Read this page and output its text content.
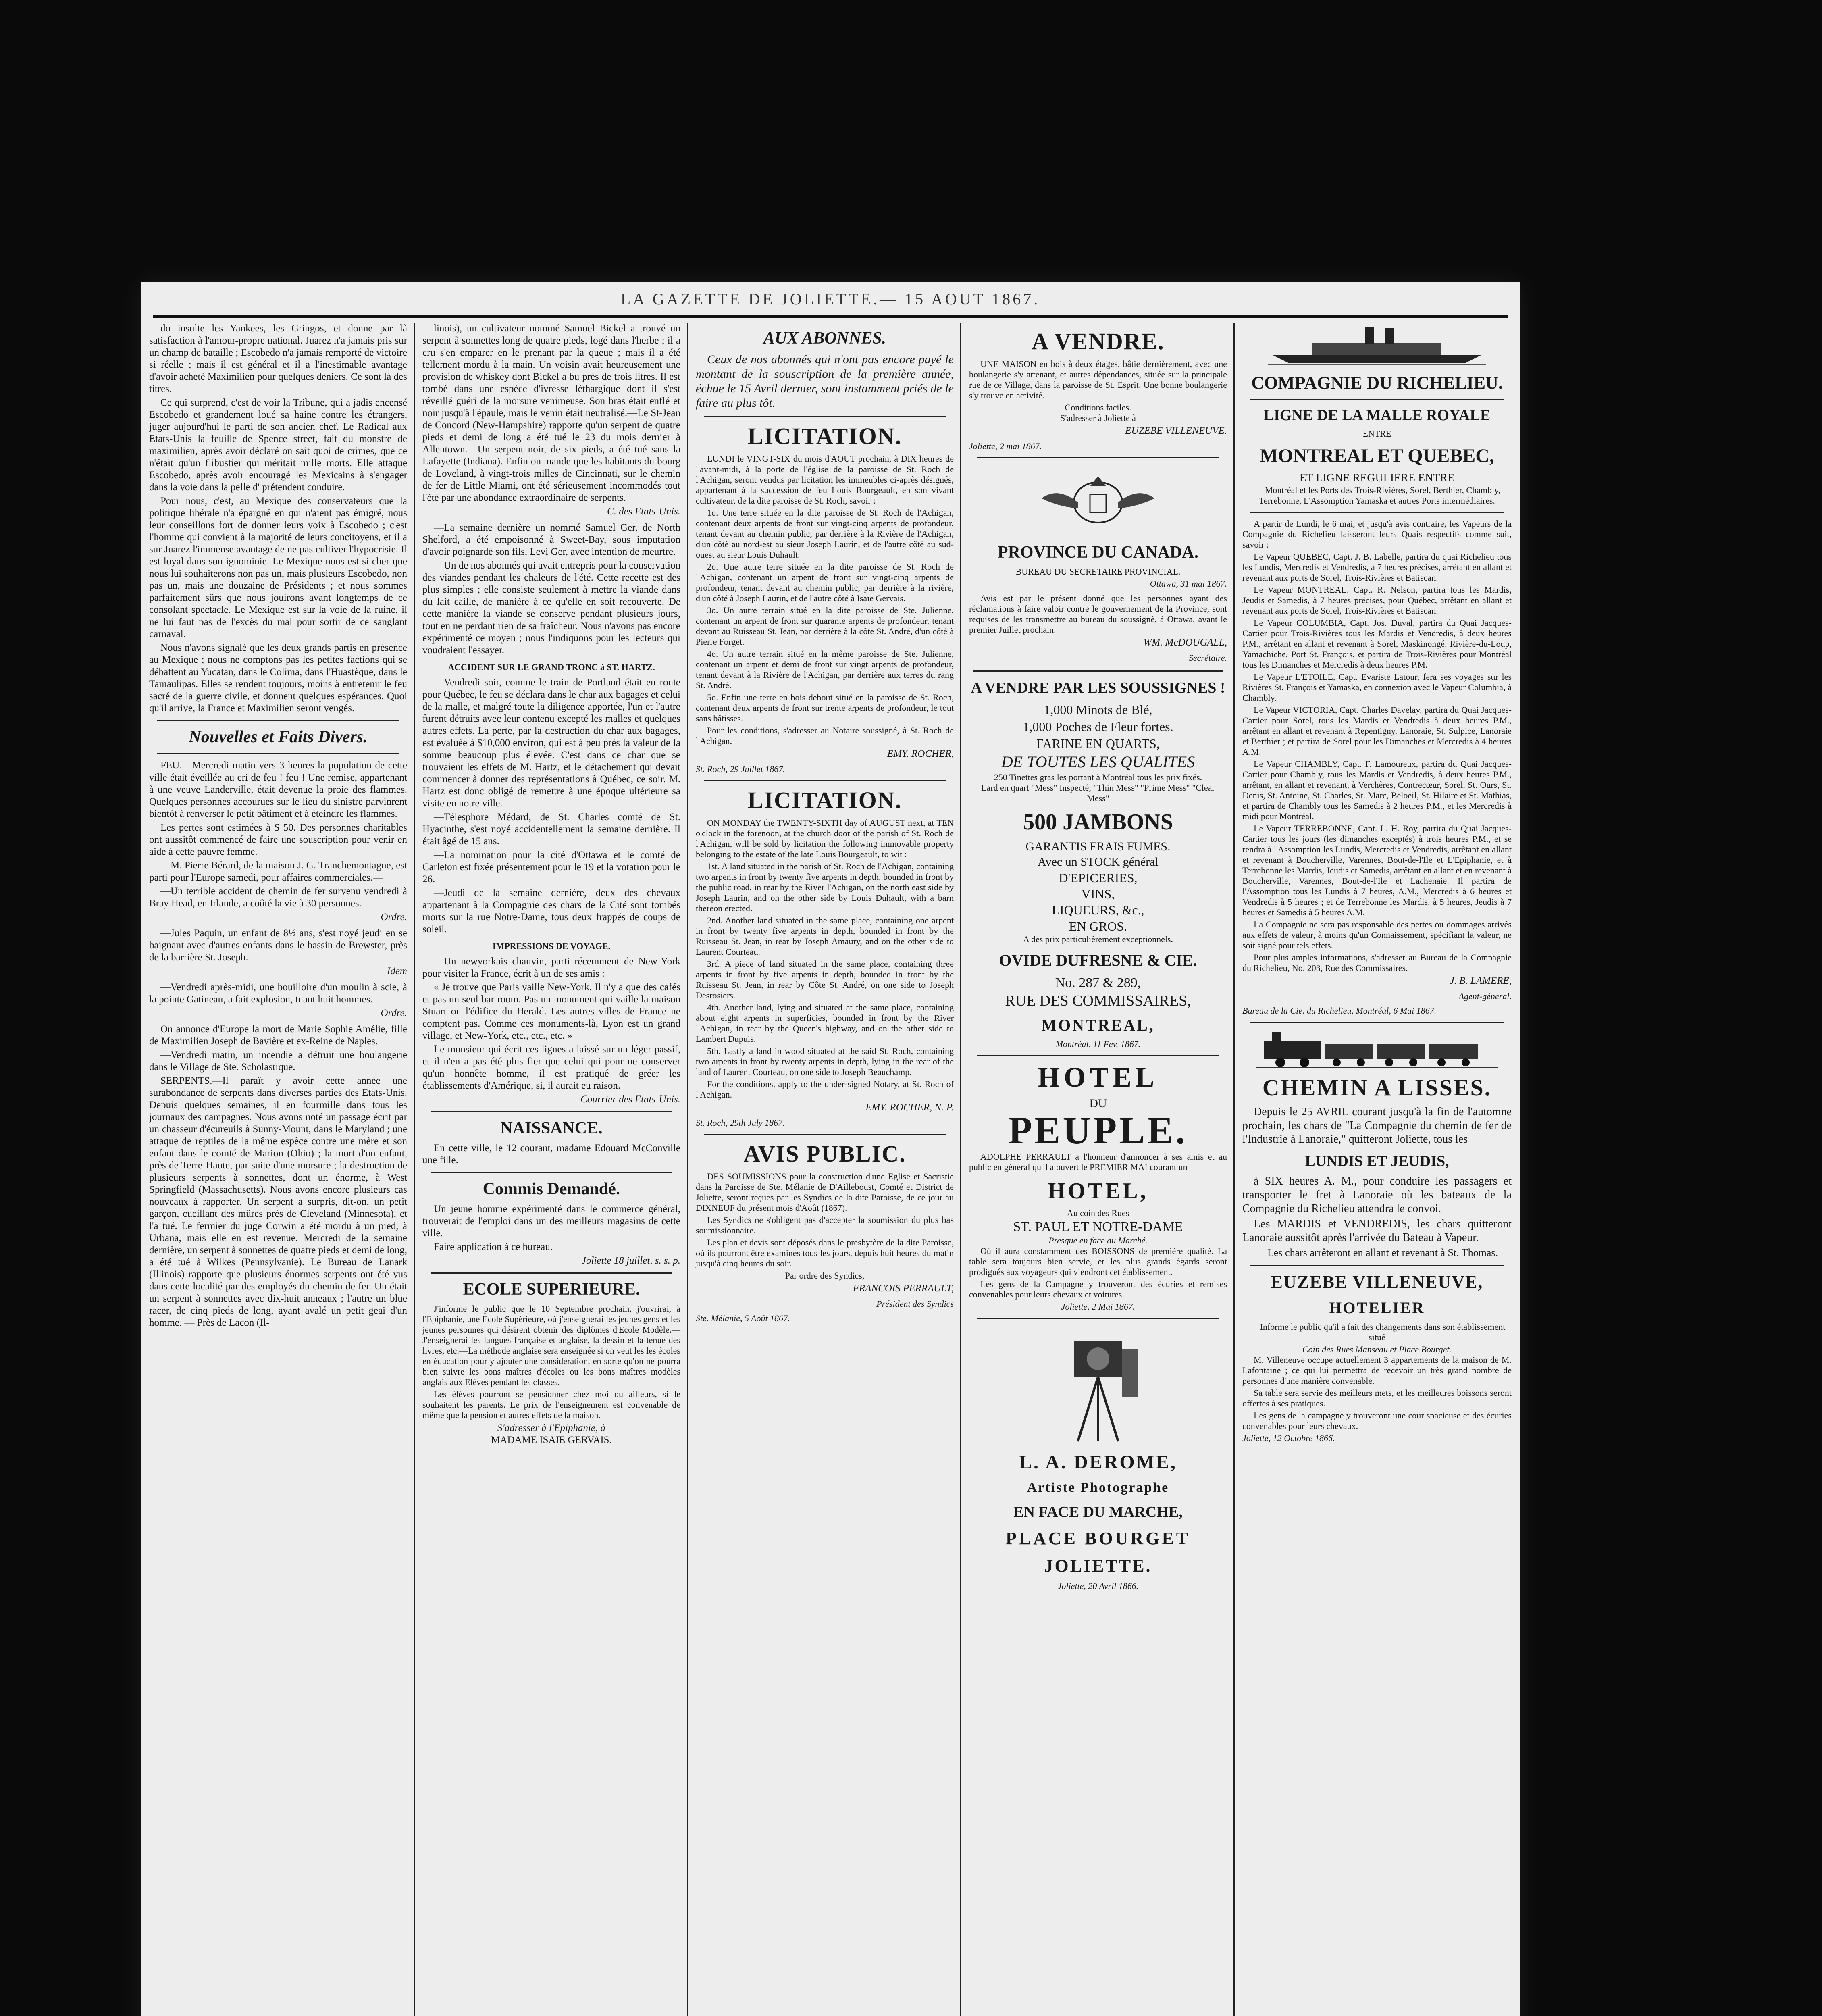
LA GAZETTE DE JOLIETTE.— 15 AOUT 1867.

do insulte les Yankees, les Gringos, et donne par là satisfaction à l'amour-propre national. Juarez n'a jamais pris sur un champ de bataille ; Escobedo n'a jamais remporté de victoire si réelle ; mais il est général et il a l'inestimable avantage d'avoir acheté Maximilien pour quelques deniers. Ce sont là des titres.

Ce qui surprend, c'est de voir la Tribune, qui a jadis encensé Escobedo et grandement loué sa haine contre les étrangers, juger aujourd'hui le parti de son ancien chef. Le Radical aux Etats-Unis la feuille de Spence street, fait du monstre de maximilien, après avoir déclaré on sait quoi de crimes, que ce n'était qu'un flibustier qui méritait mille morts. Elle attaque Escobedo, après avoir encouragé les Mexicains à s'engager dans la voie dans la pelle d' prétendent conduire.

Pour nous, c'est, au Mexique des conservateurs que la politique libérale n'a épargné en qui n'aient pas émigré, nous leur conseillons fort de donner leurs voix à Escobedo ; c'est l'homme qui convient à la majorité de leurs concitoyens, et il a sur Juarez l'immense avantage de ne pas cultiver l'hypocrisie. Il est loyal dans son ignominie. Le Mexique nous est si cher que nous lui souhaiterons non pas un, mais plusieurs Escobedo, non pas un, mais une douzaine de Présidents ; et nous sommes parfaitement sûrs que nous jouirons avant longtemps de ce consolant spectacle. Le Mexique est sur la voie de la ruine, il ne lui faut pas de l'excès du mal pour sortir de ce sanglant carnaval.

Nous n'avons signalé que les deux grands partis en présence au Mexique ; nous ne comptons pas les petites factions qui se débattent au Yucatan, dans le Colima, dans l'Huastèque, dans le Tamaulipas. Elles se rendent toujours, moins à entretenir le feu sacré de la guerre civile, et donnent quelques espérances. Quoi qu'il arrive, la France et Maximilien seront vengés.

Nouvelles et Faits Divers.

FEU.—Mercredi matin vers 3 heures la population de cette ville était éveillée au cri de feu ! feu ! Une remise, appartenant à une veuve Landerville, était devenue la proie des flammes. Quelques personnes accourues sur le lieu du sinistre parvinrent bientôt à renverser le petit bâtiment et à éteindre les flammes.

Les pertes sont estimées à $ 50. Des personnes charitables ont aussitôt commencé de faire une souscription pour venir en aide à cette pauvre femme.

—M. Pierre Bérard, de la maison J. G. Tranchemontagne, est parti pour l'Europe samedi, pour affaires commerciales.—

—Un terrible accident de chemin de fer survenu vendredi à Bray Head, en Irlande, a coûté la vie à 30 personnes.

Ordre.

—Jules Paquin, un enfant de 8½ ans, s'est noyé jeudi en se baignant avec d'autres enfants dans le bassin de Brewster, près de la barrière St. Joseph.

Idem

—Vendredi après-midi, une bouilloire d'un moulin à scie, à la pointe Gatineau, a fait explosion, tuant huit hommes.

Ordre.

On annonce d'Europe la mort de Marie Sophie Amélie, fille de Maximilien Joseph de Bavière et ex-Reine de Naples.

—Vendredi matin, un incendie a détruit une boulangerie dans le Village de Ste. Scholastique.

SERPENTS.—Il paraît y avoir cette année une surabondance de serpents dans diverses parties des Etats-Unis. Depuis quelques semaines, il en fourmille dans tous les journaux des campagnes. Nous avons noté un passage écrit par un chasseur d'écureuils à Sunny-Mount, dans le Maryland ; une attaque de reptiles de la même espèce contre une mère et son enfant dans le comté de Marion (Ohio) ; la mort d'un enfant, près de Terre-Haute, par suite d'une morsure ; la destruction de plusieurs serpents à sonnettes, dont un énorme, à West Springfield (Massachusetts). Nous avons encore plusieurs cas nouveaux à rapporter. Un serpent a surpris, dit-on, un petit garçon, cueillant des mûres près de Cleveland (Minnesota), et l'a tué. Le fermier du juge Corwin a été mordu à un pied, à Urbana, mais elle en est revenue. Mercredi de la semaine dernière, un serpent à sonnettes de quatre pieds et demi de long, a été tué à Wilkes (Pennsylvanie). Le Bureau de Lanark (Illinois) rapporte que plusieurs énormes serpents ont été vus dans cette localité par des employés du chemin de fer. Un était un serpent à sonnettes avec dix-huit anneaux ; l'autre un blue racer, de cinq pieds de long, ayant avalé un petit geai d'un homme. — Près de Lacon (Il-

linois), un cultivateur nommé Samuel Bickel a trouvé un serpent à sonnettes long de quatre pieds, logé dans l'herbe ; il a cru s'en emparer en le prenant par la queue ; mais il a été tellement mordu à la main. Un voisin avait heureusement une provision de whiskey dont Bickel a bu près de trois litres. Il est tombé dans une espèce d'ivresse léthargique dont il s'est réveillé guéri de la morsure venimeuse. Son bras était enflé et noir jusqu'à l'épaule, mais le venin était neutralisé.—Le St-Jean de Concord (New-Hampshire) rapporte qu'un serpent de quatre pieds et demi de long a été tué le 23 du mois dernier à Allentown.—Un serpent noir, de six pieds, a été tué sans la Lafayette (Indiana). Enfin on mande que les habitants du bourg de Loveland, à vingt-trois milles de Cincinnati, sur le chemin de fer de Little Miami, ont été sérieusement incommodés tout l'été par une abondance extraordinaire de serpents.

C. des Etats-Unis.

—La semaine dernière un nommé Samuel Ger, de North Shelford, a été empoisonné à Sweet-Bay, sous imputation d'avoir poignardé son fils, Levi Ger, avec intention de meurtre.

—Un de nos abonnés qui avait entrepris pour la conservation des viandes pendant les chaleurs de l'été. Cette recette est des plus simples ; elle consiste seulement à mettre la viande dans du lait caillé, de manière à ce qu'elle en soit recouverte. De cette manière la viande se conserve pendant plusieurs jours, tout en ne perdant rien de sa fraîcheur. Nous n'avons pas encore expérimenté ce moyen ; nous l'indiquons pour les lecteurs qui voudraient l'essayer.

ACCIDENT SUR LE GRAND TRONC à ST. HARTZ.

—Vendredi soir, comme le train de Portland était en route pour Québec, le feu se déclara dans le char aux bagages et celui de la malle, et malgré toute la diligence apportée, l'un et l'autre furent détruits avec leur contenu excepté les malles et quelques autres effets. La perte, par la destruction du char aux bagages, est évaluée à $10,000 environ, qui est à peu près la valeur de la somme beaucoup plus élevée. C'est dans ce char que se trouvaient les effets de M. Hartz, et le détachement qui devait commencer à donner des représentations à Québec, ce soir. M. Hartz est donc obligé de remettre à une époque ultérieure sa visite en notre ville.

—Télesphore Médard, de St. Charles comté de St. Hyacinthe, s'est noyé accidentellement la semaine dernière. Il était âgé de 15 ans.

—La nomination pour la cité d'Ottawa et le comté de Carleton est fixée présentement pour le 19 et la votation pour le 26.

—Jeudi de la semaine dernière, deux des chevaux appartenant à la Compagnie des chars de la Cité sont tombés morts sur la rue Notre-Dame, tous deux frappés de coups de soleil.

IMPRESSIONS DE VOYAGE.

—Un newyorkais chauvin, parti récemment de New-York pour visiter la France, écrit à un de ses amis :

« Je trouve que Paris vaille New-York. Il n'y a que des cafés et pas un seul bar room. Pas un monument qui vaille la maison Stuart ou l'édifice du Herald. Les autres villes de France ne comptent pas. Comme ces monuments-là, Lyon est un grand village, et New-York, etc., etc., etc. »

Le monsieur qui écrit ces lignes a laissé sur un léger passif, et il n'en a pas été plus fier que celui qui pour ne conserver qu'un honnête homme, il est pratiqué de gréer les établissements d'Amérique, si, il aurait eu raison.

Courrier des Etats-Unis.
NAISSANCE.

En cette ville, le 12 courant, madame Edouard McConville une fille.

Commis Demandé.

Un jeune homme expérimenté dans le commerce général, trouverait de l'emploi dans un des meilleurs magasins de cette ville.

Faire application à ce bureau.

Joliette 18 juillet, s. s. p.
ECOLE SUPERIEURE.

J'informe le public que le 10 Septembre prochain, j'ouvrirai, à l'Epiphanie, une Ecole Supérieure, où j'enseignerai les jeunes gens et les jeunes personnes qui désirent obtenir des diplômes d'Ecole Modèle.—J'enseignerai les langues française et anglaise, la dessin et la tenue des livres, etc.—La méthode anglaise sera enseignée si on veut les les écoles en éducation pour y ajouter une consideration, en sorte qu'on ne pourra bien suivre les bons maîtres d'écoles ou les bons maîtres modèles anglais aux Elèves pendant les classes.

Les élèves pourront se pensionner chez moi ou ailleurs, si le souhaitent les parents. Le prix de l'enseignement est convenable de même que la pension et autres effets de la maison.

S'adresser à l'Epiphanie, à
MADAME ISAIE GERVAIS.
AUX ABONNES.

Ceux de nos abonnés qui n'ont pas encore payé le montant de la souscription de la première année, échue le 15 Avril dernier, sont instamment priés de le faire au plus tôt.

LICITATION.

LUNDI le VINGT-SIX du mois d'AOUT prochain, à DIX heures de l'avant-midi, à la porte de l'église de la paroisse de St. Roch de l'Achigan, seront vendus par licitation les immeubles ci-après désignés, appartenant à la succession de feu Louis Bourgeault, en son vivant cultivateur, de la dite paroisse de St. Roch, savoir :

1o. Une terre située en la dite paroisse de St. Roch de l'Achigan, contenant deux arpents de front sur vingt-cinq arpents de profondeur, tenant devant au chemin public, par derrière à la Rivière de l'Achigan, d'un côté au nord-est au sieur Joseph Laurin, et de l'autre côté au sud-ouest au sieur Louis Duhault.

2o. Une autre terre située en la dite paroisse de St. Roch de l'Achigan, contenant un arpent de front sur vingt-cinq arpents de profondeur, tenant devant au chemin public, par derrière à la rivière, d'un côté à Joseph Laurin, et de l'autre côté à Isaïe Gervais.

3o. Un autre terrain situé en la dite paroisse de Ste. Julienne, contenant un arpent de front sur quarante arpents de profondeur, tenant devant au Ruisseau St. Jean, par derrière à la côte St. André, d'un côté à Pierre Forget.

4o. Un autre terrain situé en la même paroisse de Ste. Julienne, contenant un arpent et demi de front sur vingt arpents de profondeur, tenant devant à la Rivière de l'Achigan, par derrière aux terres du rang St. André.

5o. Enfin une terre en bois debout situé en la paroisse de St. Roch, contenant deux arpents de front sur trente arpents de profondeur, le tout sans bâtisses.

Pour les conditions, s'adresser au Notaire soussigné, à St. Roch de l'Achigan.

EMY. ROCHER,
St. Roch, 29 Juillet 1867.
LICITATION.

ON MONDAY the TWENTY-SIXTH day of AUGUST next, at TEN o'clock in the forenoon, at the church door of the parish of St. Roch de l'Achigan, will be sold by licitation the following immovable property belonging to the estate of the late Louis Bourgeault, to wit :

1st. A land situated in the parish of St. Roch de l'Achigan, containing two arpents in front by twenty five arpents in depth, bounded in front by the public road, in rear by the River l'Achigan, on the north east side by Joseph Laurin, and on the other side by Louis Duhault, with a barn thereon erected.

2nd. Another land situated in the same place, containing one arpent in front by twenty five arpents in depth, bounded in front by the Ruisseau St. Jean, in rear by Joseph Amaury, and on the other side to Laurent Courteau.

3rd. A piece of land situated in the same place, containing three arpents in front by five arpents in depth, bounded in front by the Ruisseau St. Jean, in rear by Côte St. André, on one side to Joseph Desrosiers.

4th. Another land, lying and situated at the same place, containing about eight arpents in superficies, bounded in front by the River l'Achigan, in rear by the Queen's highway, and on the other side to Lambert Dupuis.

5th. Lastly a land in wood situated at the said St. Roch, containing two arpents in front by twenty arpents in depth, lying in the rear of the land of Laurent Courteau, on one side to Joseph Beauchamp.

For the conditions, apply to the under-signed Notary, at St. Roch of l'Achigan.

EMY. ROCHER, N. P.
St. Roch, 29th July 1867.
AVIS PUBLIC.

DES SOUMISSIONS pour la construction d'une Eglise et Sacristie dans la Paroisse de Ste. Mélanie de D'Ailleboust, Comté et District de Joliette, seront reçues par les Syndics de la dite Paroisse, de ce jour au DIXNEUF du présent mois d'Août (1867).

Les Syndics ne s'obligent pas d'accepter la soumission du plus bas soumissionnaire.

Les plan et devis sont déposés dans le presbytère de la dite Paroisse, où ils pourront être examinés tous les jours, depuis huit heures du matin jusqu'à cinq heures du soir.

Par ordre des Syndics,
FRANCOIS PERRAULT,
Président des Syndics
Ste. Mélanie, 5 Août 1867.
A VENDRE.

UNE MAISON en bois à deux étages, bâtie dernièrement, avec une boulangerie s'y attenant, et autres dépendances, située sur la principale rue de ce Village, dans la paroisse de St. Esprit. Une bonne boulangerie s'y trouve en activité.

Conditions faciles.
S'adresser à Joliette à
EUZEBE VILLENEUVE.
Joliette, 2 mai 1867.
PROVINCE DU CANADA.
BUREAU DU SECRETAIRE PROVINCIAL.
Ottawa, 31 mai 1867.

Avis est par le présent donné que les personnes ayant des réclamations à faire valoir contre le gouvernement de la Province, sont requises de les transmettre au bureau du soussigné, à Ottawa, avant le premier Juillet prochain.

WM. McDOUGALL,
Secrétaire.
A VENDRE PAR LES SOUSSIGNES !
1,000 Minots de Blé,
1,000 Poches de Fleur fortes.
FARINE EN QUARTS,
DE TOUTES LES QUALITES
250 Tinettes gras les portant à Montréal tous les prix fixés.
Lard en quart "Mess" Inspecté, "Thin Mess" "Prime Mess" "Clear Mess"
500 JAMBONS
GARANTIS FRAIS FUMES.
Avec un STOCK général
D'EPICERIES,
VINS,
LIQUEURS, &c.,
EN GROS.
A des prix particulièrement exceptionnels.
OVIDE DUFRESNE & CIE.
No. 287 & 289,
RUE DES COMMISSAIRES,
MONTREAL,
Montréal, 11 Fev. 1867.
HOTEL
DU
PEUPLE.

ADOLPHE PERRAULT a l'honneur d'annoncer à ses amis et au public en général qu'il a ouvert le PREMIER MAI courant un

HOTEL,
Au coin des Rues
ST. PAUL ET NOTRE-DAME
Presque en face du Marché.

Où il aura constamment des BOISSONS de première qualité. La table sera toujours bien servie, et les plus grands égards seront prodigués aux voyageurs qui viendront cet établissement.

Les gens de la Campagne y trouveront des écuries et remises convenables pour leurs chevaux et voitures.

Joliette, 2 Mai 1867.
L. A. DEROME,
Artiste Photographe
EN FACE DU MARCHE,
PLACE BOURGET
JOLIETTE.
Joliette, 20 Avril 1866.
COMPAGNIE DU RICHELIEU.
LIGNE DE LA MALLE ROYALE
ENTRE
MONTREAL ET QUEBEC,
ET LIGNE REGULIERE ENTRE

Montréal et les Ports des Trois-Rivières, Sorel, Berthier, Chambly, Terrebonne, L'Assomption Yamaska et autres Ports intermédiaires.

A partir de Lundi, le 6 mai, et jusqu'à avis contraire, les Vapeurs de la Compagnie du Richelieu laisseront leurs Quais respectifs comme suit, savoir :

Le Vapeur QUEBEC, Capt. J. B. Labelle, partira du quai Richelieu tous les Lundis, Mercredis et Vendredis, à 7 heures précises, arrêtant en allant et revenant aux ports de Sorel, Trois-Rivières et Batiscan.

Le Vapeur MONTREAL, Capt. R. Nelson, partira tous les Mardis, Jeudis et Samedis, à 7 heures précises, pour Québec, arrêtant en allant et revenant aux ports de Sorel, Trois-Rivières et Batiscan.

Le Vapeur COLUMBIA, Capt. Jos. Duval, partira du Quai Jacques-Cartier pour Trois-Rivières tous les Mardis et Vendredis, à deux heures P.M., arrêtant en allant et revenant à Sorel, Maskinongé, Rivière-du-Loup, Yamachiche, Port St. François, et partira de Trois-Rivières pour Montréal tous les Dimanches et Mercredis à deux heures P.M.

Le Vapeur L'ETOILE, Capt. Evariste Latour, fera ses voyages sur les Rivières St. François et Yamaska, en connexion avec le Vapeur Columbia, à Chambly.

Le Vapeur VICTORIA, Capt. Charles Davelay, partira du Quai Jacques-Cartier pour Sorel, tous les Mardis et Vendredis à deux heures P.M., arrêtant en allant et revenant à Repentigny, Lanoraie, St. Sulpice, Lanoraie et Berthier ; et partira de Sorel pour les Dimanches et Mercredis à 4 heures A.M.

Le Vapeur CHAMBLY, Capt. F. Lamoureux, partira du Quai Jacques-Cartier pour Chambly, tous les Mardis et Vendredis, à deux heures P.M., arrêtant, en allant et revenant, à Verchères, Contrecœur, Sorel, St. Ours, St. Denis, St. Antoine, St. Charles, St. Marc, Beloeil, St. Hilaire et St. Mathias, et partira de Chambly tous les Samedis à 2 heures P.M., et les Mercredis à midi pour Montréal.

Le Vapeur TERREBONNE, Capt. L. H. Roy, partira du Quai Jacques-Cartier tous les jours (les dimanches exceptés) à trois heures P.M., et se rendra à l'Assomption les Lundis, Mercredis et Vendredis, arrêtant en allant et revenant à Boucherville, Varennes, Bout-de-l'Ile et L'Epiphanie, et à Terrebonne les Mardis, Jeudis et Samedis, arrêtant en allant et en revenant à Boucherville, Varennes, Bout-de-l'Ile et Lachenaie. Il partira de l'Assomption tous les Lundis à 7 heures, A.M., Mercredis à 6 heures et Vendredis à 5 heures ; et de Terrebonne les Mardis, à 5 heures, Jeudis à 7 heures et Samedis à 5 heures A.M.

La Compagnie ne sera pas responsable des pertes ou dommages arrivés aux effets de valeur, à moins qu'un Connaissement, spécifiant la valeur, ne soit signé pour tels effets.

Pour plus amples informations, s'adresser au Bureau de la Compagnie du Richelieu, No. 203, Rue des Commissaires.

J. B. LAMERE,
Agent-général.
Bureau de la Cie. du Richelieu, Montréal, 6 Mai 1867.
CHEMIN A LISSES.

Depuis le 25 AVRIL courant jusqu'à la fin de l'automne prochain, les chars de "La Compagnie du chemin de fer de l'Industrie à Lanoraie," quitteront Joliette, tous les

LUNDIS ET JEUDIS,

à SIX heures A. M., pour conduire les passagers et transporter le fret à Lanoraie où les bateaux de la Compagnie du Richelieu attendra le convoi.

Les MARDIS et VENDREDIS, les chars quitteront Lanoraie aussitôt après l'arrivée du Bateau à Vapeur.

Les chars arrêteront en allant et revenant à St. Thomas.

EUZEBE VILLENEUVE,
HOTELIER

Informe le public qu'il a fait des changements dans son établissement situé

Coin des Rues Manseau et Place Bourget.

M. Villeneuve occupe actuellement 3 appartements de la maison de M. Lafontaine ; ce qui lui permettra de recevoir un très grand nombre de personnes d'une manière convenable.

Sa table sera servie des meilleurs mets, et les meilleures boissons seront offertes à ses pratiques.

Les gens de la campagne y trouveront une cour spacieuse et des écuries convenables pour leurs chevaux.

Joliette, 12 Octobre 1866.
